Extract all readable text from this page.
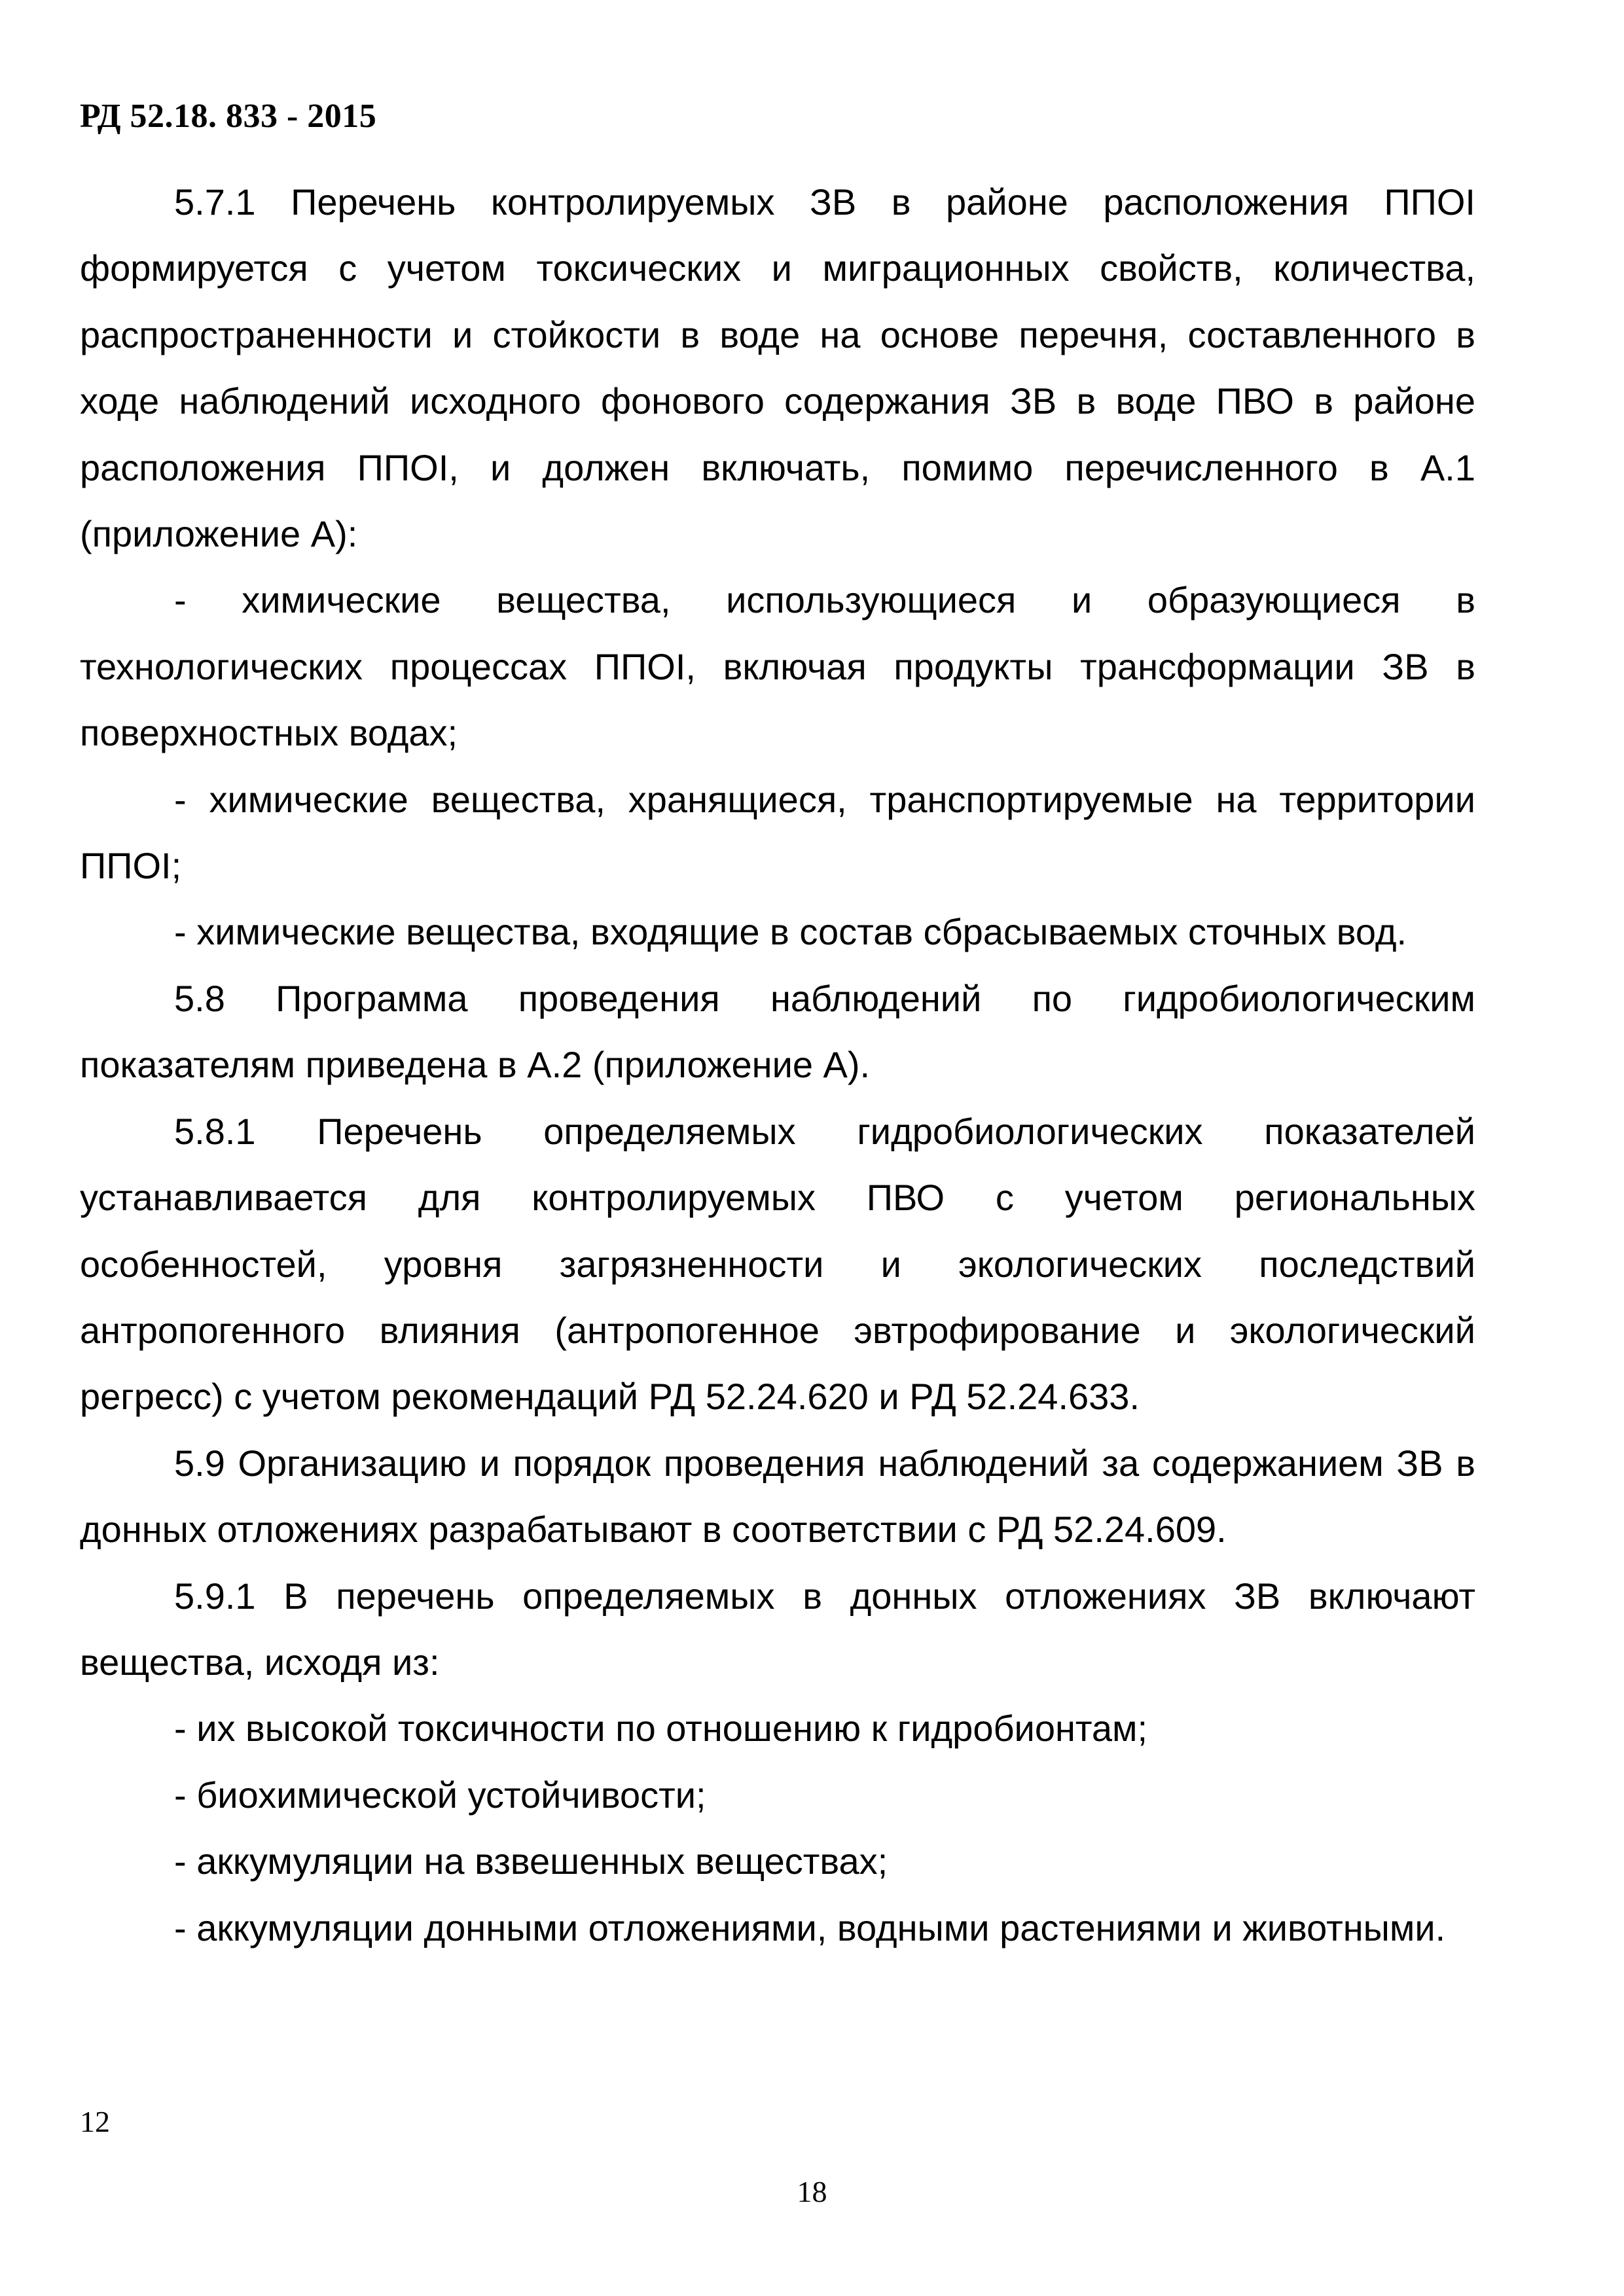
РД 52.18. 833 - 2015

5.7.1 Перечень контролируемых ЗВ в районе расположения ППОI формируется с учетом токсических и миграционных свойств, количества, распространенности и стойкости в воде на основе перечня, составленного в ходе наблюдений исходного фонового содержания ЗВ в воде ПВО в районе расположения ППОI, и должен включать, помимо перечисленного в А.1 (приложение А):

- химические вещества, использующиеся и образующиеся в технологических процессах ППОI, включая продукты трансформации ЗВ в поверхностных водах;

- химические вещества, хранящиеся, транспортируемые на территории ППОI;

- химические вещества, входящие в состав сбрасываемых сточных вод.

5.8 Программа проведения наблюдений по гидробиологическим показателям приведена в А.2 (приложение А).

5.8.1 Перечень определяемых гидробиологических показателей устанавливается для контролируемых ПВО с учетом региональных особенностей, уровня загрязненности и экологических последствий антропогенного влияния (антропогенное эвтрофирование и экологический регресс) с учетом рекомендаций РД 52.24.620 и РД 52.24.633.

5.9 Организацию и порядок проведения наблюдений за содержанием ЗВ в донных отложениях разрабатывают в соответствии с РД 52.24.609.

5.9.1 В перечень определяемых в донных отложениях ЗВ включают вещества, исходя из:

- их высокой токсичности по отношению к гидробионтам;

- биохимической устойчивости;

- аккумуляции на взвешенных веществах;

- аккумуляции донными отложениями, водными растениями и животными.

12
18
